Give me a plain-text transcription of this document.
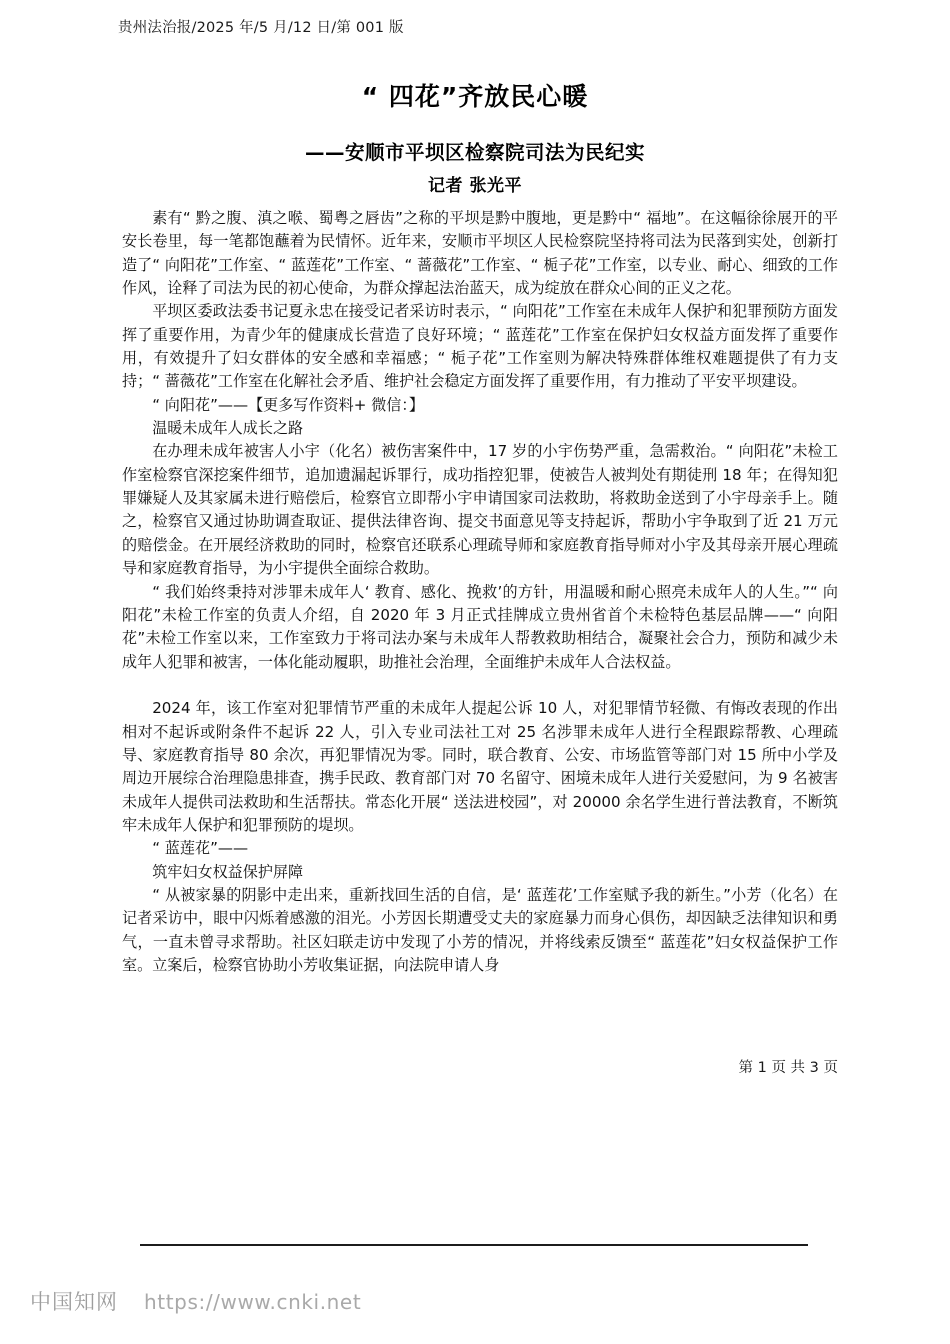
贵州法治报/2025 年/5 月/12 日/第 001 版
“ 四花”齐放民心暖
——安顺市平坝区检察院司法为民纪实
记者 张光平

素有“ 黔之腹、滇之喉、蜀粤之唇齿”之称的平坝是黔中腹地，更是黔中“ 福地”。在这幅徐徐展开的平安长卷里，每一笔都饱蘸着为民情怀。近年来，安顺市平坝区人民检察院坚持将司法为民落到实处，创新打造了“ 向阳花”工作室、“ 蓝莲花”工作室、“ 蔷薇花”工作室、“ 栀子花”工作室，以专业、耐心、细致的工作作风，诠释了司法为民的初心使命，为群众撑起法治蓝天，成为绽放在群众心间的正义之花。

平坝区委政法委书记夏永忠在接受记者采访时表示，“ 向阳花”工作室在未成年人保护和犯罪预防方面发挥了重要作用，为青少年的健康成长营造了良好环境；“ 蓝莲花”工作室在保护妇女权益方面发挥了重要作用，有效提升了妇女群体的安全感和幸福感；“ 栀子花”工作室则为解决特殊群体维权难题提供了有力支持；“ 蔷薇花”工作室在化解社会矛盾、维护社会稳定方面发挥了重要作用，有力推动了平安平坝建设。

“ 向阳花”——【更多写作资料+ 微信：】

温暖未成年人成长之路

在办理未成年被害人小宇（化名）被伤害案件中，17 岁的小宇伤势严重，急需救治。“ 向阳花”未检工作室检察官深挖案件细节，追加遗漏起诉罪行，成功指控犯罪，使被告人被判处有期徒刑 18 年；在得知犯罪嫌疑人及其家属未进行赔偿后，检察官立即帮小宇申请国家司法救助，将救助金送到了小宇母亲手上。随之，检察官又通过协助调查取证、提供法律咨询、提交书面意见等支持起诉，帮助小宇争取到了近 21 万元的赔偿金。在开展经济救助的同时，检察官还联系心理疏导师和家庭教育指导师对小宇及其母亲开展心理疏导和家庭教育指导，为小宇提供全面综合救助。

“ 我们始终秉持对涉罪未成年人‘ 教育、感化、挽救’的方针，用温暖和耐心照亮未成年人的人生。”“ 向阳花”未检工作室的负责人介绍，自 2020 年 3 月正式挂牌成立贵州省首个未检特色基层品牌——“ 向阳花”未检工作室以来，工作室致力于将司法办案与未成年人帮教救助相结合，凝聚社会合力，预防和减少未成年人犯罪和被害，一体化能动履职，助推社会治理，全面维护未成年人合法权益。

2024 年，该工作室对犯罪情节严重的未成年人提起公诉 10 人，对犯罪情节轻微、有悔改表现的作出相对不起诉或附条件不起诉 22 人，引入专业司法社工对 25 名涉罪未成年人进行全程跟踪帮教、心理疏导、家庭教育指导 80 余次，再犯罪情况为零。同时，联合教育、公安、市场监管等部门对 15 所中小学及周边开展综合治理隐患排查，携手民政、教育部门对 70 名留守、困境未成年人进行关爱慰问，为 9 名被害未成年人提供司法救助和生活帮扶。常态化开展“ 送法进校园”，对 20000 余名学生进行普法教育，不断筑牢未成年人保护和犯罪预防的堤坝。

“ 蓝莲花”——

筑牢妇女权益保护屏障

“ 从被家暴的阴影中走出来，重新找回生活的自信，是‘ 蓝莲花’工作室赋予我的新生。”小芳（化名）在记者采访中，眼中闪烁着感激的泪光。小芳因长期遭受丈夫的家庭暴力而身心俱伤，却因缺乏法律知识和勇气，一直未曾寻求帮助。社区妇联走访中发现了小芳的情况，并将线索反馈至“ 蓝莲花”妇女权益保护工作室。立案后，检察官协助小芳收集证据，向法院申请人身

第 1 页 共 3 页
中国知网 https://www.cnki.net
